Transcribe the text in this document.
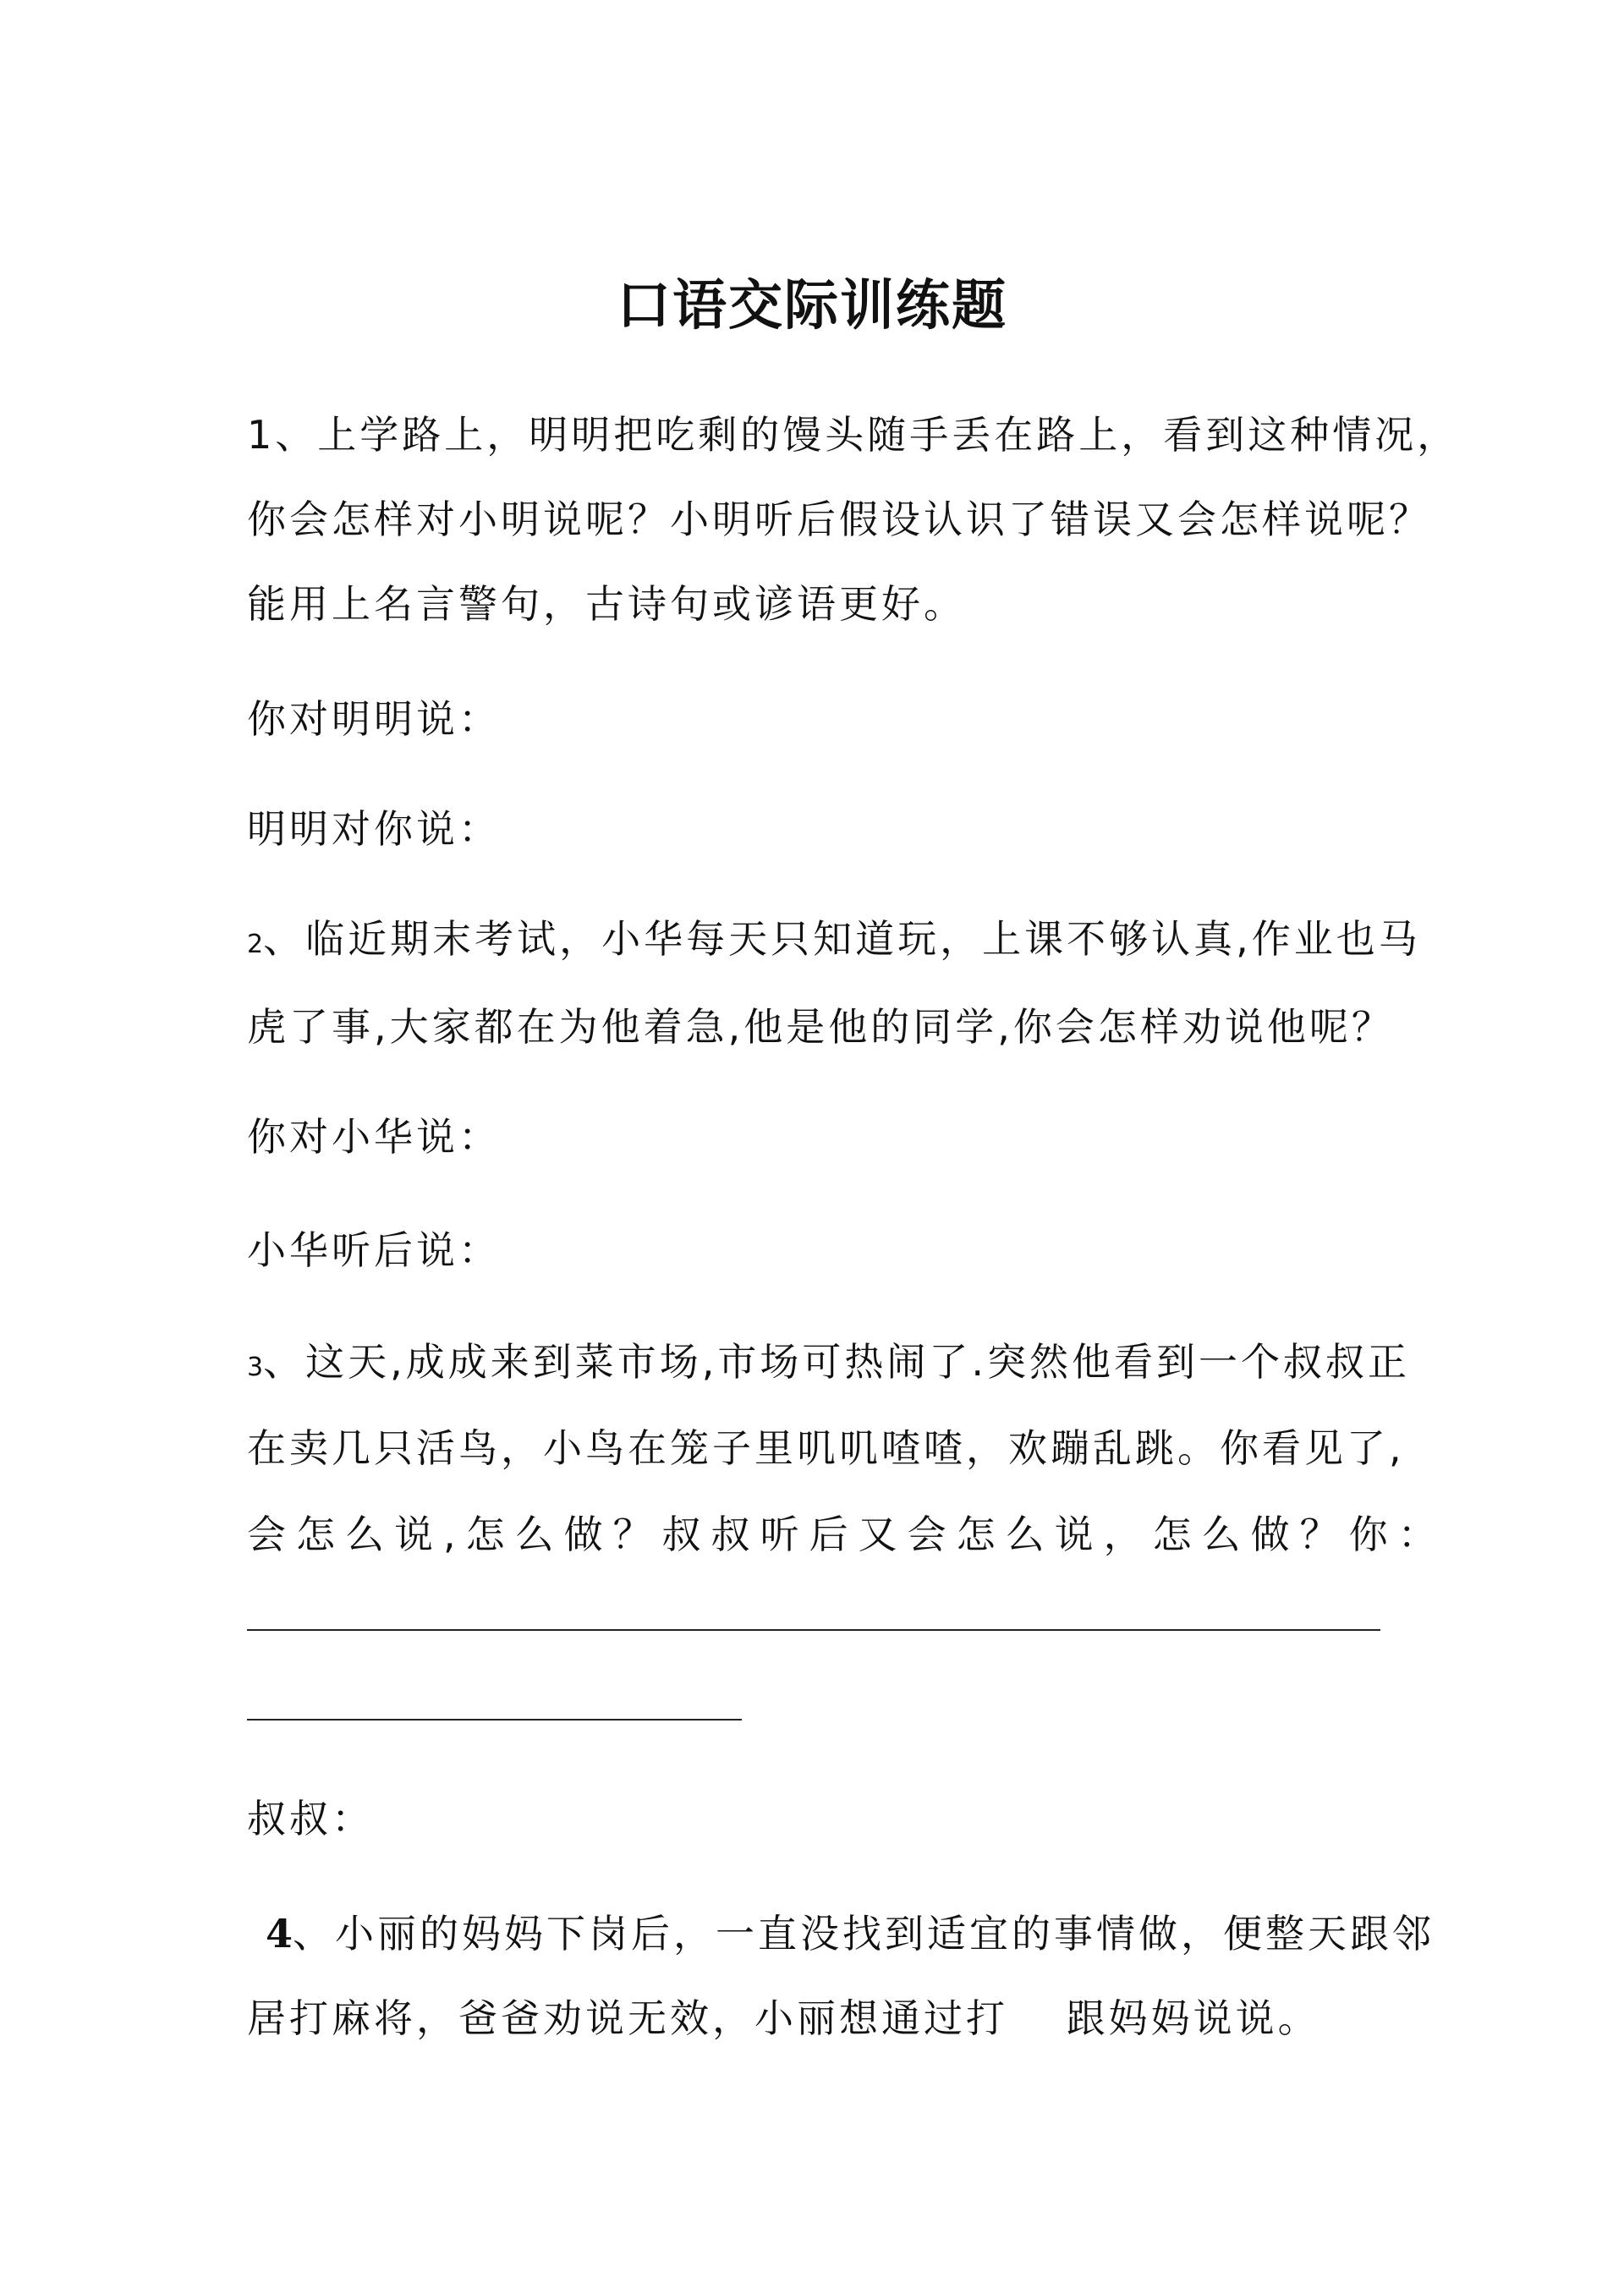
口语交际训练题
1、上学路上，明明把吃剩的馒头随手丢在路上，看到这种情况，
你会怎样对小明说呢？小明听后假设认识了错误又会怎样说呢？
能用上名言警句，古诗句或谚语更好。
你对明明说：
明明对你说：
2、临近期末考试，小华每天只知道玩，上课不够认真,作业也马
虎了事,大家都在为他着急,他是他的同学,你会怎样劝说他呢？
你对小华说：
小华听后说：
3、这天,成成来到菜市场,市场可热闹了.突然他看到一个叔叔正
在卖几只活鸟，小鸟在笼子里叽叽喳喳，欢蹦乱跳。你看见了,
会怎么说,怎么做？叔叔听后又会怎么说，怎么做？你：
叔叔：
4、小丽的妈妈下岗后，一直没找到适宜的事情做，便整天跟邻
居打麻将，爸爸劝说无效，小丽想通过打　 跟妈妈说说。
